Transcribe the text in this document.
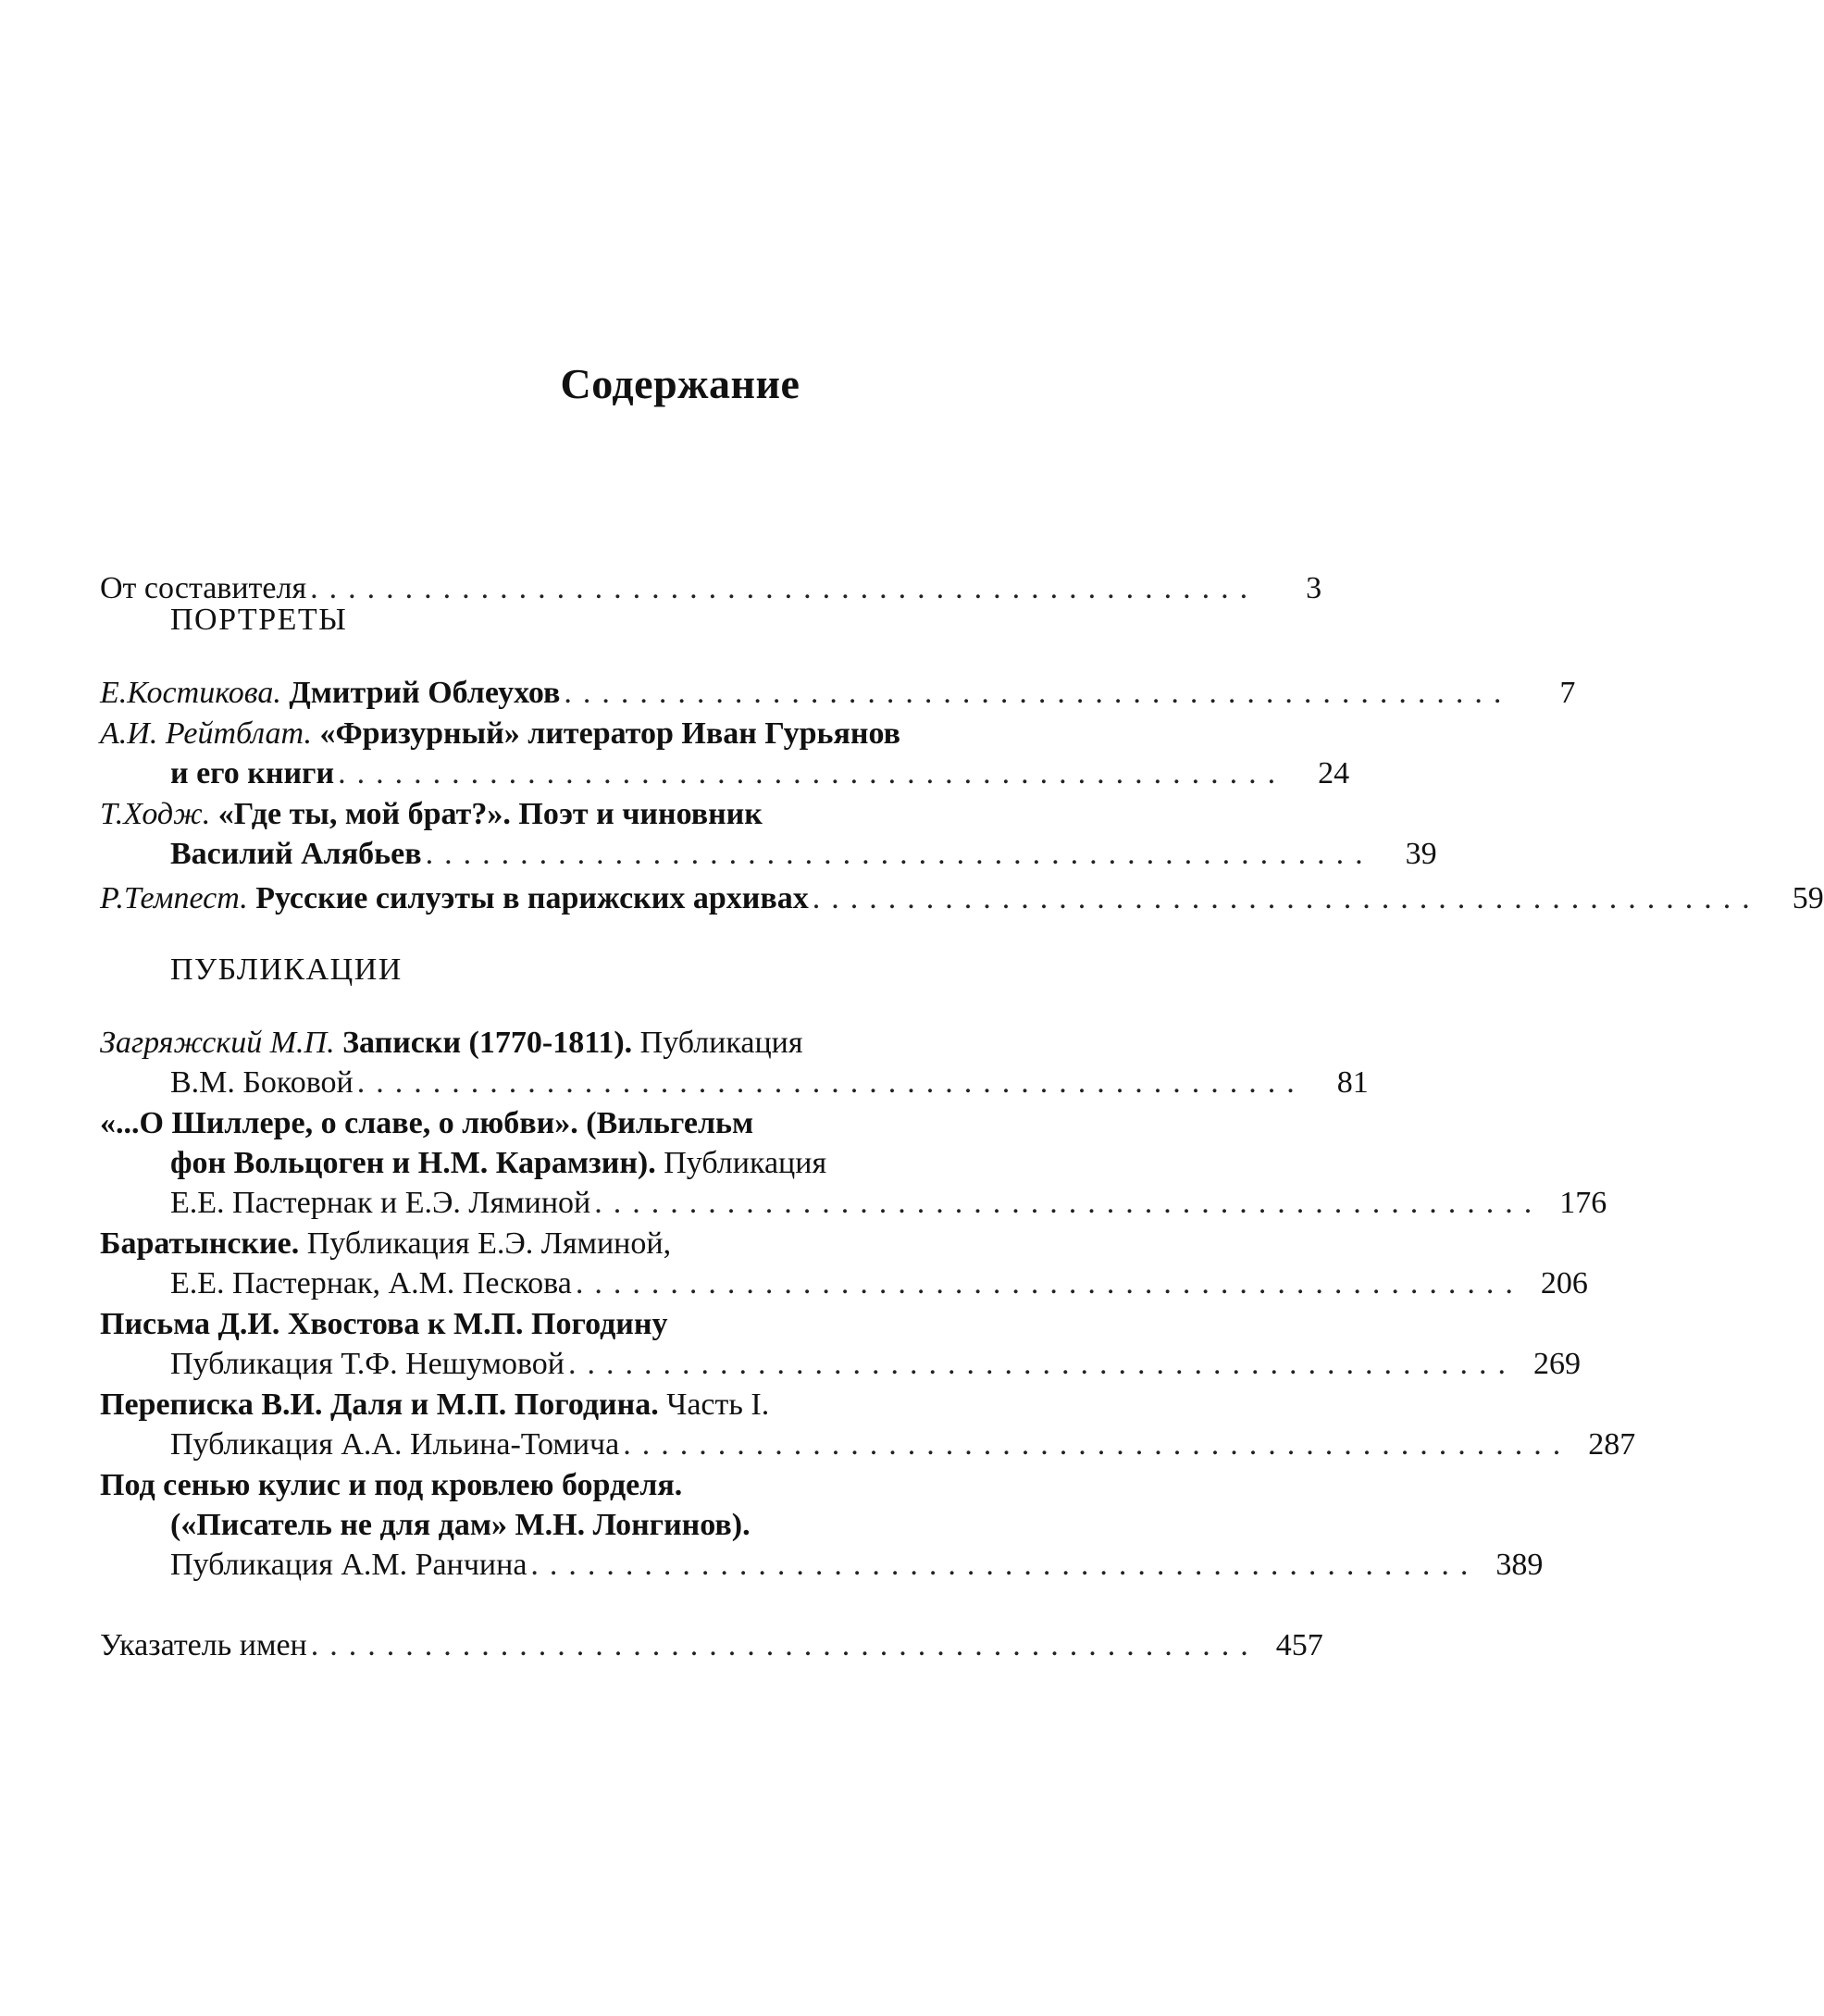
Содержание
От составителя ..................................................	3
ПОРТРЕТЫ
Е.Костикова. Дмитрий Облеухов ..................................................	7
А.И. Рейтблат. «Фризурный» литератор Иван Гурьянов
и его книги ..................................................	24
Т.Ходж. «Где ты, мой брат?». Поэт и чиновник
Василий Алябьев ..................................................	39
Р.Темпест. Русские силуэты в парижских архивах ..................................................	59
ПУБЛИКАЦИИ
Загряжский М.П. Записки (1770-1811). Публикация
В.М. Боковой ..................................................	81
«...О Шиллере, о славе, о любви». (Вильгельм
фон Вольцоген и Н.М. Карамзин). Публикация
Е.Е. Пастернак и Е.Э. Ляминой .................................................. 176
Баратынские. Публикация Е.Э. Ляминой,
Е.Е. Пастернак, А.М. Пескова .................................................. 206
Письма Д.И. Хвостова к М.П. Погодину
Публикация Т.Ф. Нешумовой .................................................. 269
Переписка В.И. Даля и М.П. Погодина. Часть I.
Публикация А.А. Ильина-Томича .................................................. 287
Под сенью кулис и под кровлею борделя.
(«Писатель не для дам» М.Н. Лонгинов).
Публикация А.М. Ранчина .................................................. 389
Указатель имен .................................................. 457
